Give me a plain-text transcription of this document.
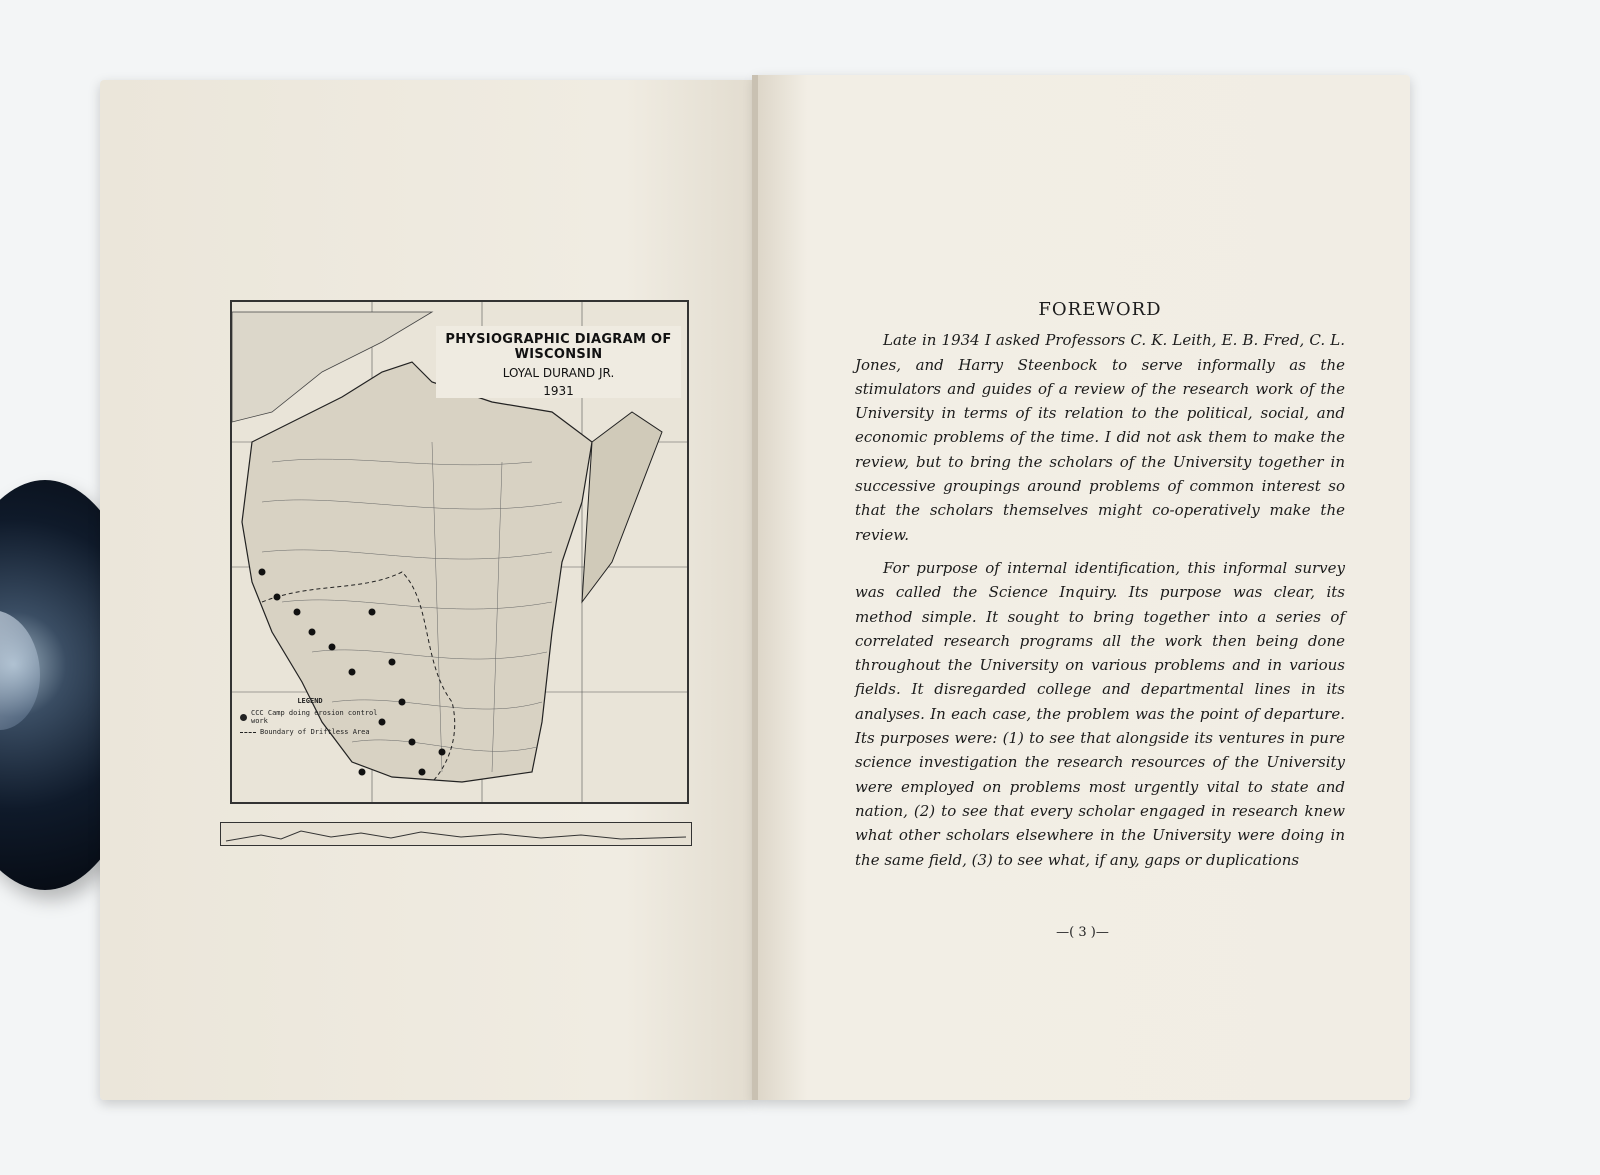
PHYSIOGRAPHIC DIAGRAM OF WISCONSIN
LOYAL DURAND JR.
1931
LEGEND
CCC Camp doing erosion control work
Boundary of Driftless Area
FOREWORD

Late in 1934 I asked Professors C. K. Leith, E. B. Fred, C. L. Jones, and Harry Steenbock to serve informally as the stimulators and guides of a review of the research work of the University in terms of its relation to the political, social, and economic problems of the time. I did not ask them to make the review, but to bring the scholars of the University together in successive groupings around problems of common interest so that the scholars themselves might co-operatively make the review.

For purpose of internal identification, this informal survey was called the Science Inquiry. Its purpose was clear, its method simple. It sought to bring together into a series of correlated research programs all the work then being done throughout the University on various problems and in various fields. It disregarded college and departmental lines in its analyses. In each case, the problem was the point of departure. Its purposes were: (1) to see that alongside its ventures in pure science investigation the research resources of the University were employed on problems most urgently vital to state and nation, (2) to see that every scholar engaged in research knew what other scholars elsewhere in the University were doing in the same field, (3) to see what, if any, gaps or duplications

—( 3 )—
